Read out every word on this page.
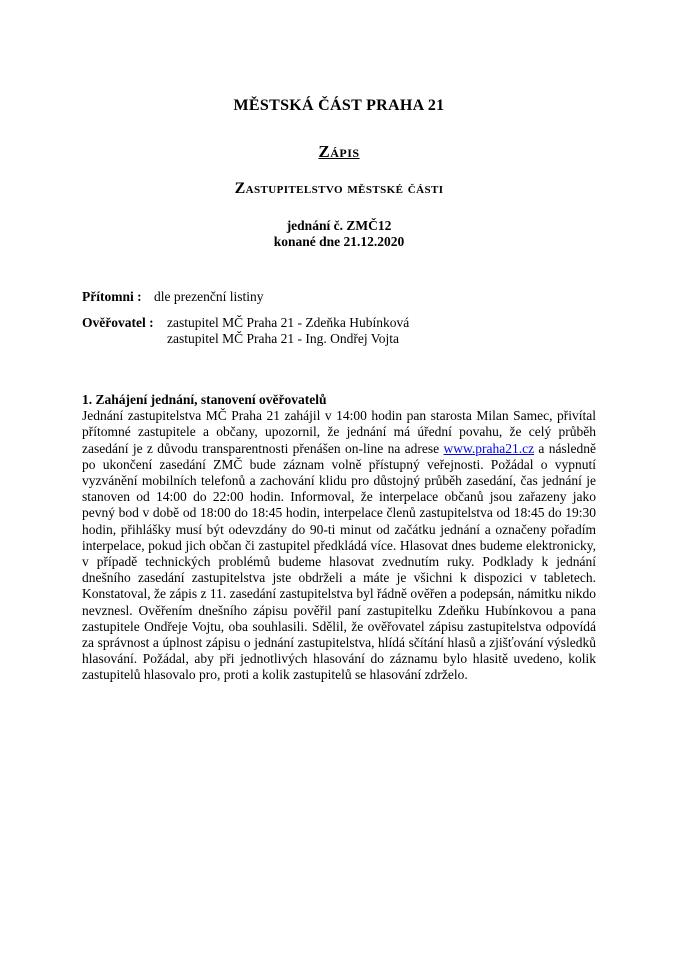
MĚSTSKÁ ČÁST PRAHA 21
Zápis
Zastupitelstvo městské části
jednání č. ZMČ12
konané dne 21.12.2020
Přítomni : dle prezenční listiny
Ověřovatel : zastupitel MČ Praha 21 - Zdeňka Hubínková
zastupitel MČ Praha 21 - Ing. Ondřej Vojta
1. Zahájení jednání, stanovení ověřovatelů

Jednání zastupitelstva MČ Praha 21 zahájil v 14:00 hodin pan starosta Milan Samec, přivítal přítomné zastupitele a občany, upozornil, že jednání má úřední povahu, že celý průběh zasedání je z důvodu transparentnosti přenášen on-line na adrese www.praha21.cz a následně po ukončení zasedání ZMČ bude záznam volně přístupný veřejnosti. Požádal o vypnutí vyzvánění mobilních telefonů a zachování klidu pro důstojný průběh zasedání, čas jednání je stanoven od 14:00 do 22:00 hodin. Informoval, že interpelace občanů jsou zařazeny jako pevný bod v době od 18:00 do 18:45 hodin, interpelace členů zastupitelstva od 18:45 do 19:30 hodin, přihlášky musí být odevzdány do 90-ti minut od začátku jednání a označeny pořadím interpelace, pokud jich občan či zastupitel předkládá více. Hlasovat dnes budeme elektronicky, v případě technických problémů budeme hlasovat zvednutím ruky. Podklady k jednání dnešního zasedání zastupitelstva jste obdrželi a máte je všichni k dispozici v tabletech. Konstatoval, že zápis z 11. zasedání zastupitelstva byl řádně ověřen a podepsán, námitku nikdo nevznesl. Ověřením dnešního zápisu pověřil paní zastupitelku Zdeňku Hubínkovou a pana zastupitele Ondřeje Vojtu, oba souhlasili. Sdělil, že ověřovatel zápisu zastupitelstva odpovídá za správnost a úplnost zápisu o jednání zastupitelstva, hlídá sčítání hlasů a zjišťování výsledků hlasování. Požádal, aby při jednotlivých hlasování do záznamu bylo hlasitě uvedeno, kolik zastupitelů hlasovalo pro, proti a kolik zastupitelů se hlasování zdrželo.
